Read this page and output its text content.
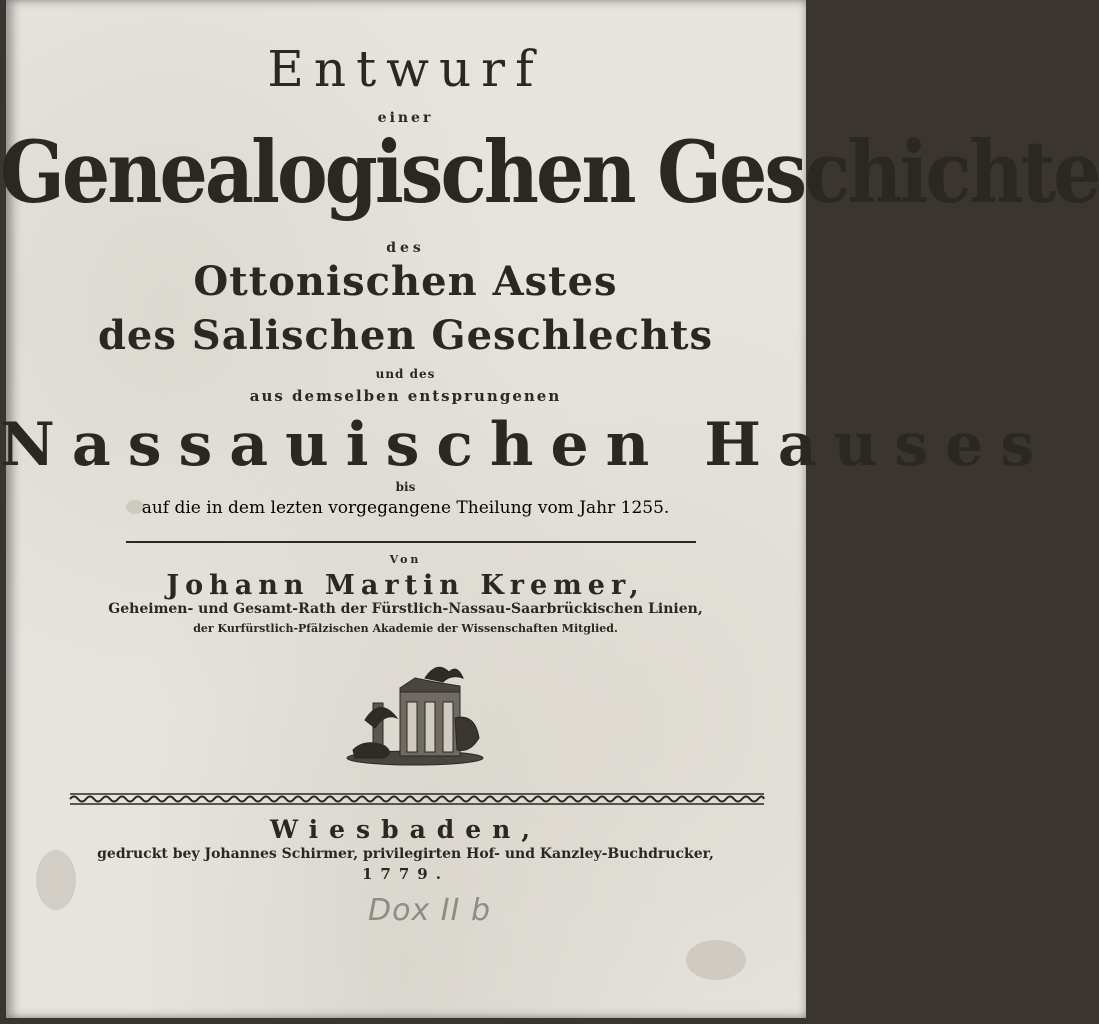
Entwurf
einer
Genealogischen Geschichte
des
Ottonischen Astes
des Salischen Geschlechts
und des
aus demselben entsprungenen
Nassauischen Hauses
bis
auf die in dem lezten vorgegangene Theilung vom Jahr 1255.
Von
Johann Martin Kremer,
Geheimen- und Gesamt-Rath der Fürstlich-Nassau-Saarbrückischen Linien,
der Kurfürstlich-Pfälzischen Akademie der Wissenschaften Mitglied.
Wiesbaden,
gedruckt bey Johannes Schirmer, privilegirten Hof- und Kanzley-Buchdrucker,
1779.
Dox II b
